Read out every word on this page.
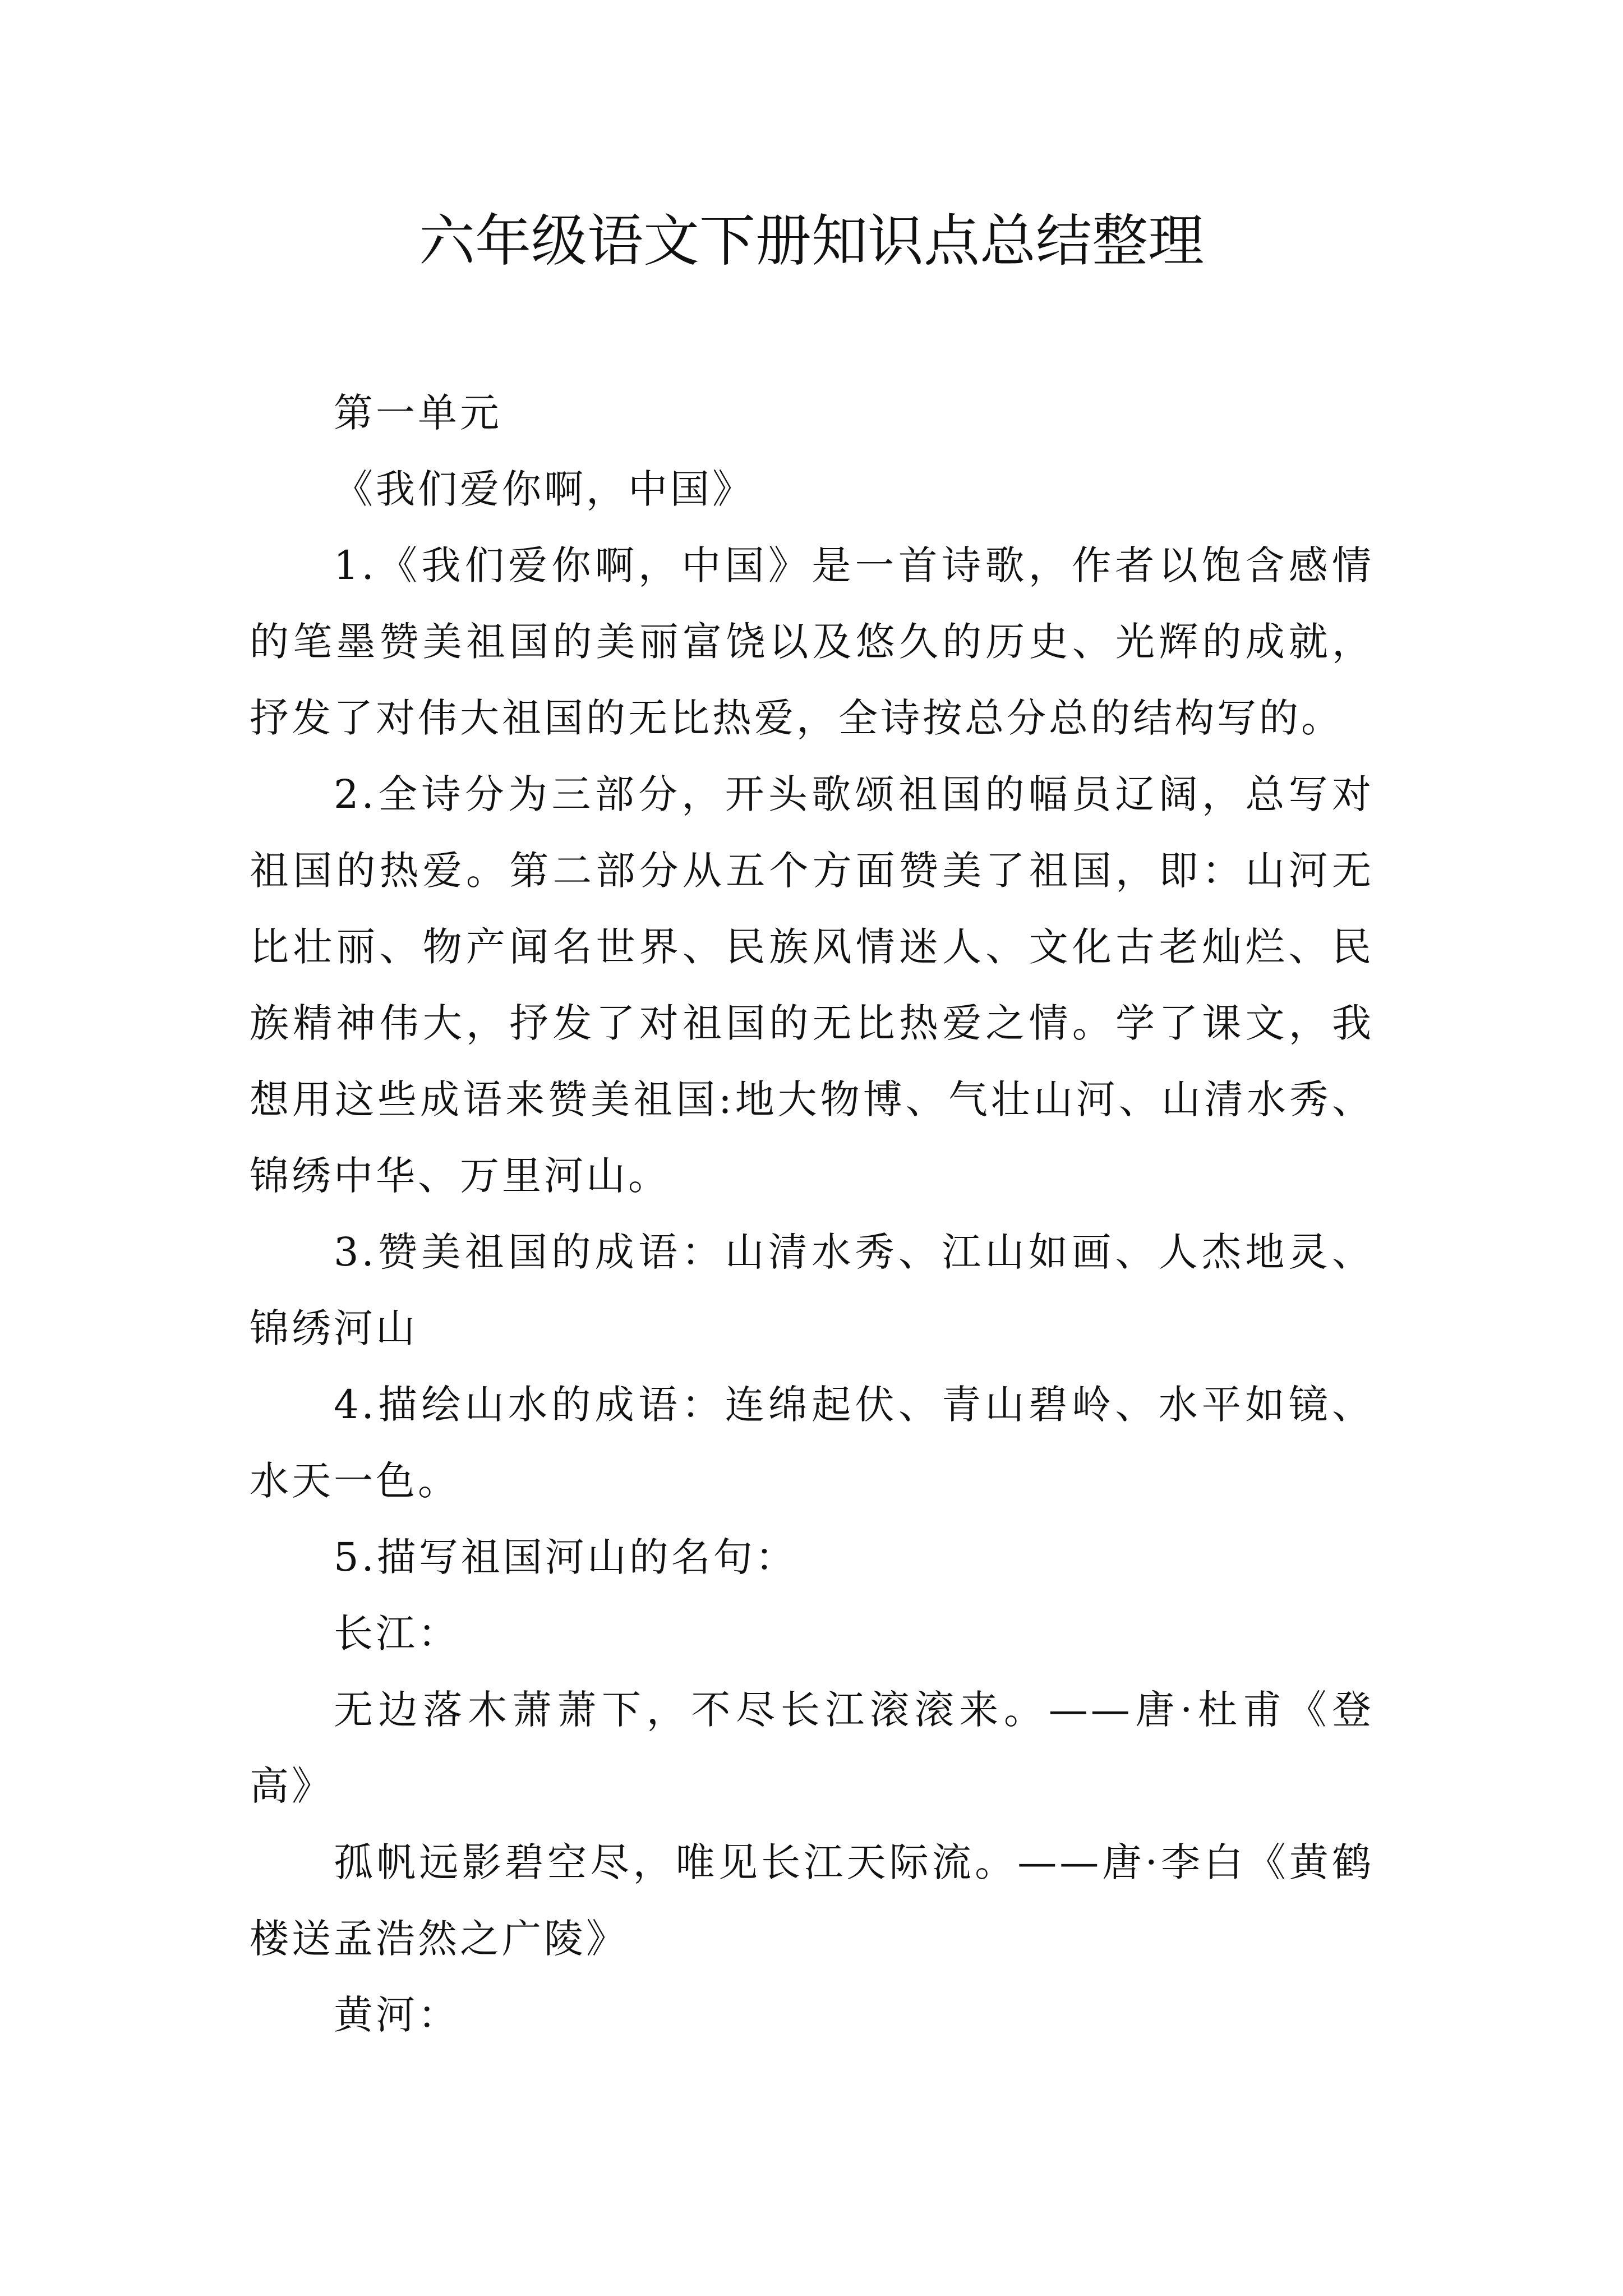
六年级语文下册知识点总结整理

第一单元

《我们爱你啊，中国》

1.《我们爱你啊，中国》是一首诗歌，作者以饱含感情的笔墨赞美祖国的美丽富饶以及悠久的历史、光辉的成就，抒发了对伟大祖国的无比热爱，全诗按总分总的结构写的。

2.全诗分为三部分，开头歌颂祖国的幅员辽阔，总写对祖国的热爱。第二部分从五个方面赞美了祖国，即：山河无比壮丽、物产闻名世界、民族风情迷人、文化古老灿烂、民族精神伟大，抒发了对祖国的无比热爱之情。学了课文，我想用这些成语来赞美祖国:地大物博、气壮山河、山清水秀、锦绣中华、万里河山。

3.赞美祖国的成语：山清水秀、江山如画、人杰地灵、锦绣河山

4.描绘山水的成语：连绵起伏、青山碧岭、水平如镜、水天一色。

5.描写祖国河山的名句：

长江：

无边落木萧萧下，不尽长江滚滚来。——唐·杜甫《登高》

孤帆远影碧空尽，唯见长江天际流。——唐·李白《黄鹤楼送孟浩然之广陵》

黄河：
